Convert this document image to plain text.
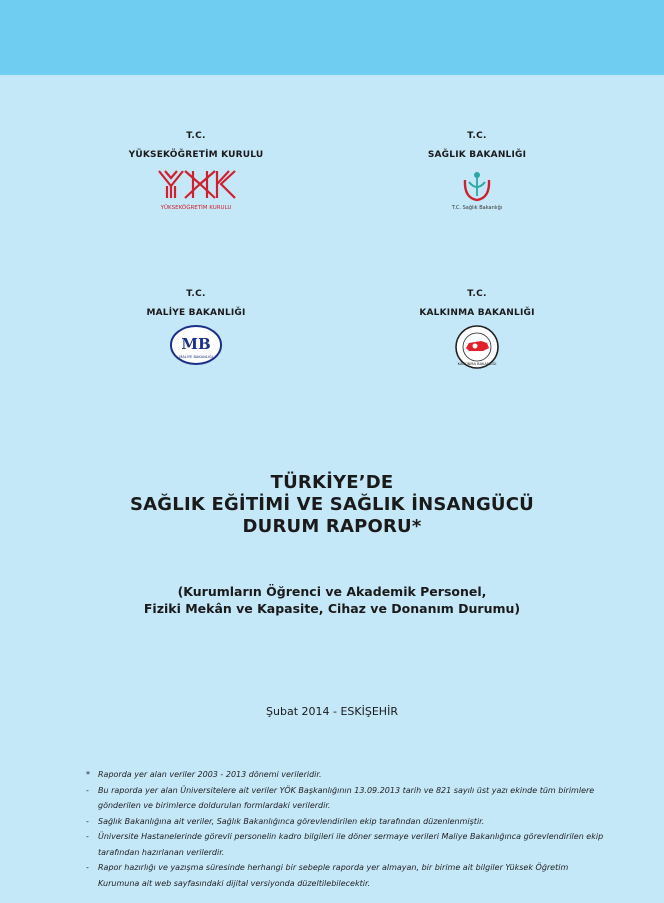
T.C.
YÜKSEKÖĞRETİM KURULU
YÜKSEKÖĞRETİM KURULU
T.C.
SAĞLIK BAKANLIĞI
T.C. Sağlık Bakanlığı
T.C.
MALİYE BAKANLIĞI
MB
MALİYE BAKANLIĞI
T.C.
KALKINMA BAKANLIĞI
KALKINMA BAKANLIĞI
TÜRKİYE’DE
SAĞLIK EĞİTİMİ VE SAĞLIK İNSANGÜCÜ
DURUM RAPORU*
(Kurumların Öğrenci ve Akademik Personel,
Fiziki Mekân ve Kapasite, Cihaz ve Donanım Durumu)
Şubat 2014 - ESKİŞEHİR
*	Raporda yer alan veriler 2003 - 2013 dönemi verileridir.
-	Bu raporda yer alan Üniversitelere ait veriler YÖK Başkanlığının 13.09.2013 tarih ve 821 sayılı üst yazı ekinde tüm birimlere gönderilen ve birimlerce doldurulan formlardaki verilerdir.
-	Sağlık Bakanlığına ait veriler, Sağlık Bakanlığınca görevlendirilen ekip tarafından düzenlenmiştir.
-	Üniversite Hastanelerinde görevli personelin kadro bilgileri ile döner sermaye verileri Maliye Bakanlığınca görevlendirilen ekip tarafından hazırlanan verilerdir.
-	Rapor hazırlığı ve yazışma süresinde herhangi bir sebeple raporda yer almayan, bir birime ait bilgiler Yüksek Öğretim Kurumuna ait web sayfasındaki dijital versiyonda düzeltilebilecektir.
